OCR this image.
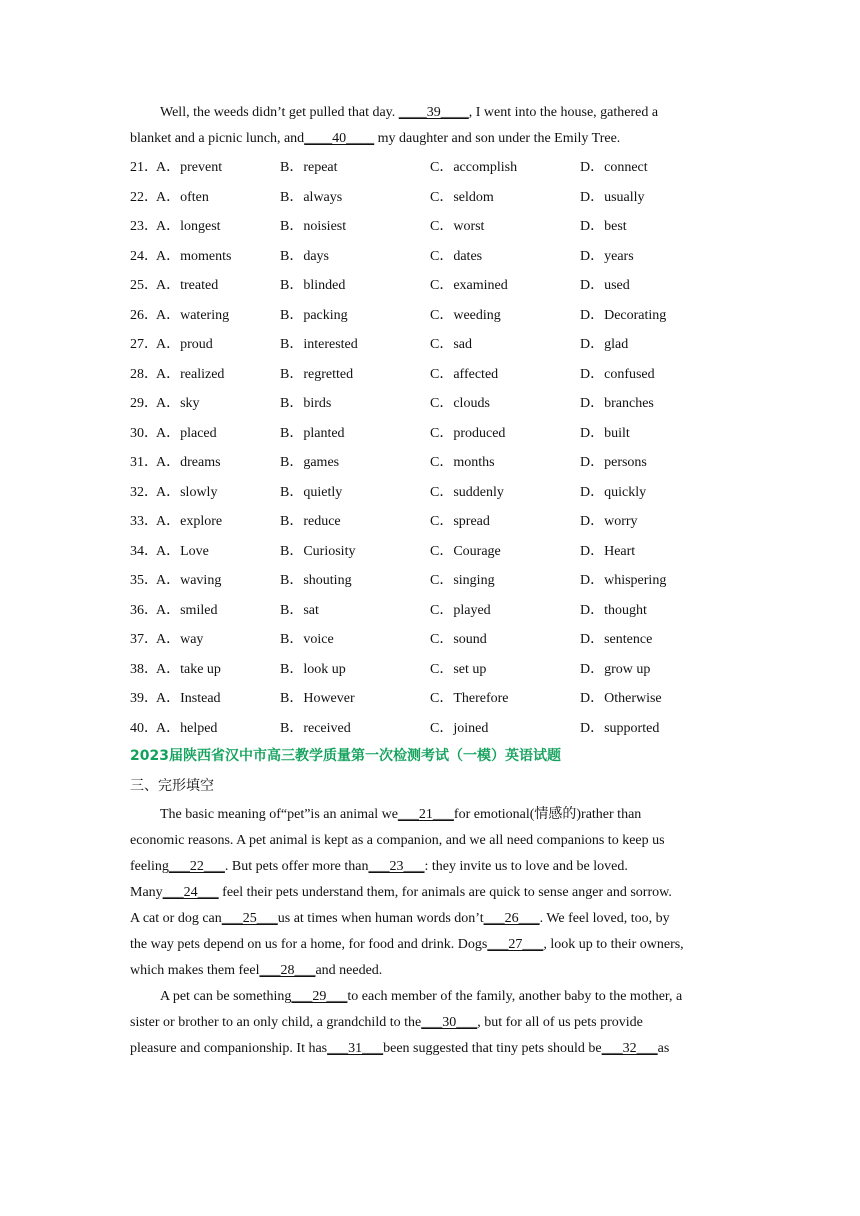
Well, the weeds didn’t get pulled that day. ____39____, I went into the house, gathered a
blanket and a picnic lunch, and____40____ my daughter and son under the Emily Tree.
21．
A．prevent	B．repeat	C．accomplish	D．connect
22．
A．often	B．always	C．seldom	D．usually
23．
A．longest	B．noisiest	C．worst	D．best
24．
A．moments	B．days	C．dates	D．years
25．
A．treated	B．blinded	C．examined	D．used
26．
A．watering	B．packing	C．weeding	D．Decorating
27．
A．proud	B．interested	C．sad	D．glad
28．
A．realized	B．regretted	C．affected	D．confused
29．
A．sky	B．birds	C．clouds	D．branches
30．
A．placed	B．planted	C．produced	D．built
31．
A．dreams	B．games	C．months	D．persons
32．
A．slowly	B．quietly	C．suddenly	D．quickly
33．
A．explore	B．reduce	C．spread	D．worry
34．
A．Love	B．Curiosity	C．Courage	D．Heart
35．
A．waving	B．shouting	C．singing	D．whispering
36．
A．smiled	B．sat	C．played	D．thought
37．
A．way	B．voice	C．sound	D．sentence
38．
A．take up	B．look up	C．set up	D．grow up
39．
A．Instead	B．However	C．Therefore	D．Otherwise
40．
A．helped	B．received	C．joined	D．supported
2023届陕西省汉中市高三教学质量第一次检测考试（一模）英语试题
三、完形填空
The basic meaning of“pet”is an animal we___21___for emotional(情感的)rather than
economic reasons. A pet animal is kept as a companion, and we all need companions to keep us
feeling___22___. But pets offer more than___23___: they invite us to love and be loved.
Many___24___ feel their pets understand them, for animals are quick to sense anger and sorrow.
A cat or dog can___25___us at times when human words don’t___26___. We feel loved, too, by
the way pets depend on us for a home, for food and drink. Dogs___27___, look up to their owners,
which makes them feel___28___and needed.
A pet can be something___29___to each member of the family, another baby to the mother, a
sister or brother to an only child, a grandchild to the___30___, but for all of us pets provide
pleasure and companionship. It has___31___been suggested that tiny pets should be___32___as
